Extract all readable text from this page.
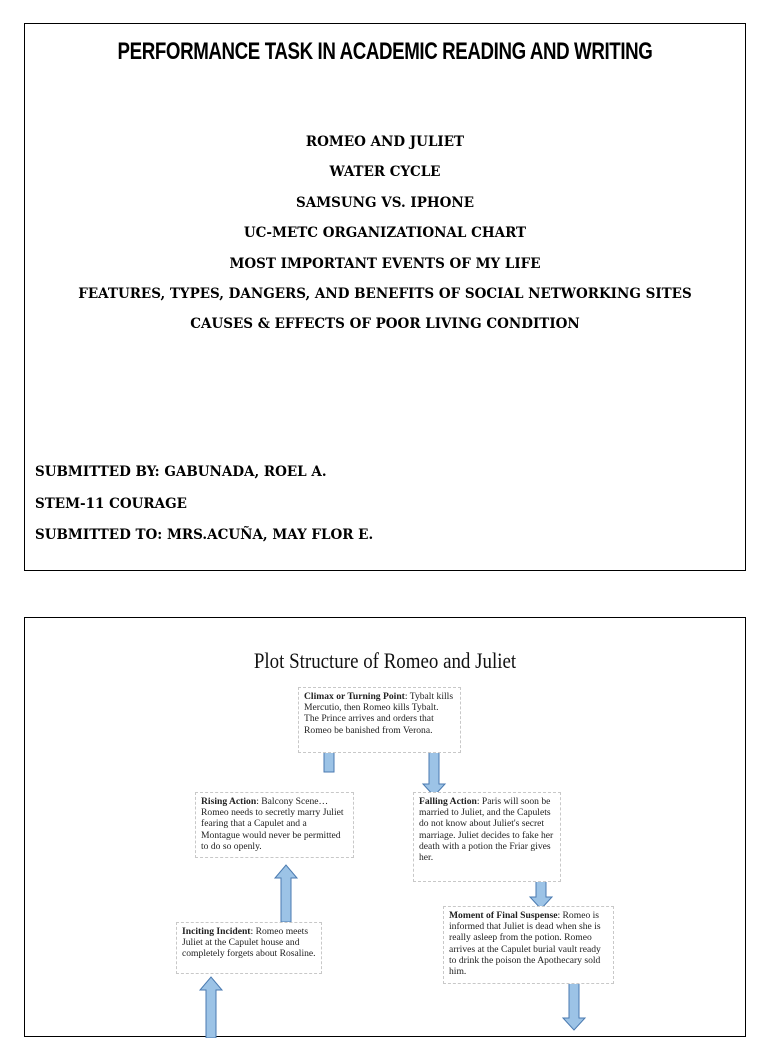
PERFORMANCE TASK IN ACADEMIC READING AND WRITING
ROMEO AND JULIET
WATER CYCLE
SAMSUNG VS. IPHONE
UC-METC ORGANIZATIONAL CHART
MOST IMPORTANT EVENTS OF MY LIFE
FEATURES, TYPES, DANGERS, AND BENEFITS OF SOCIAL NETWORKING SITES
CAUSES & EFFECTS OF POOR LIVING CONDITION
SUBMITTED BY: GABUNADA, ROEL A.
STEM-11 COURAGE
SUBMITTED TO: MRS.ACUÑA, MAY FLOR E.
Plot Structure of Romeo and Juliet
Climax or Turning Point: Tybalt kills Mercutio, then Romeo kills Tybalt. The Prince arrives and orders that Romeo be banished from Verona.
Rising Action: Balcony Scene…Romeo needs to secretly marry Juliet fearing that a Capulet and a Montague would never be permitted to do so openly.
Falling Action: Paris will soon be married to Juliet, and the Capulets do not know about Juliet's secret marriage. Juliet decides to fake her death with a potion the Friar gives her.
Inciting Incident: Romeo meets Juliet at the Capulet house and completely forgets about Rosaline.
Moment of Final Suspense: Romeo is informed that Juliet is dead when she is really asleep from the potion. Romeo arrives at the Capulet burial vault ready to drink the poison the Apothecary sold him.
